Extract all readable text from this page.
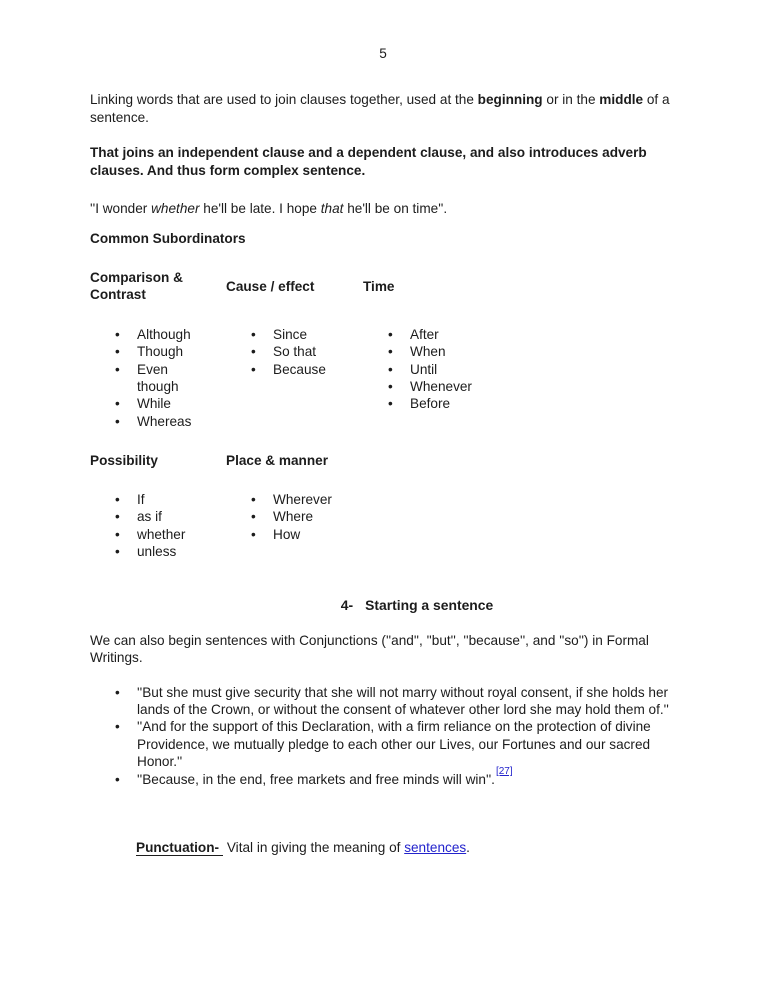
5

Linking words that are used to join clauses together, used at the beginning or in the middle of a sentence.

That joins an independent clause and a dependent clause, and also introduces adverb clauses. And thus form complex sentence.

''I wonder whether he'll be late. I hope that he'll be on time''.

Common Subordinators
Comparison & Contrast
• Although
• Though
• Even though
• While
• Whereas
Cause / effect
• Since
• So that
• Because
Time
• After
• When
• Until
• Whenever
• Before
Possibility
• If
• as if
• whether
• unless
Place & manner
• Wherever
• Where
• How
4- Starting a sentence

We can also begin sentences with Conjunctions (''and'', ''but'', ''because'', and ''so'') in Formal Writings.

• ''But she must give security that she will not marry without royal consent, if she holds her lands of the Crown, or without the consent of whatever other lord she may hold them of.''
• ''And for the support of this Declaration, with a firm reliance on the protection of divine Providence, we mutually pledge to each other our Lives, our Fortunes and our sacred Honor.''
• ''Because, in the end, free markets and free minds will win''.[27]

Punctuation- Vital in giving the meaning of sentences.
